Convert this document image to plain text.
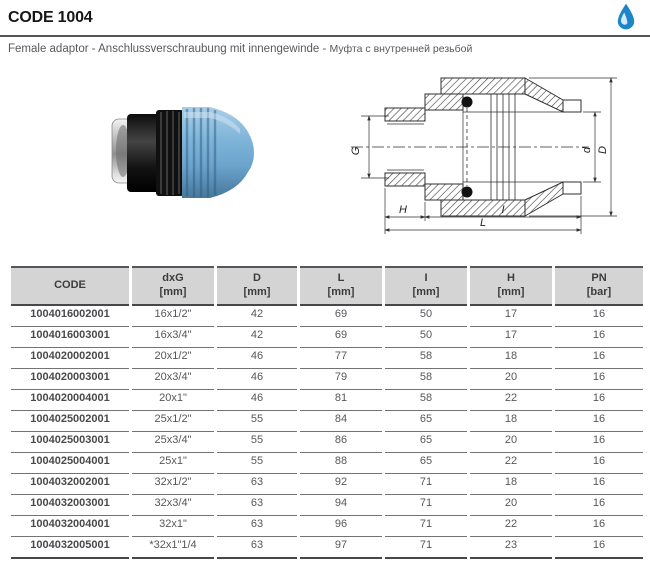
CODE 1004
Female adaptor - Anschlussverschraubung mit innengewinde - Муфта с внутренней резьбой
G	d D
H	I
L
CODE

dxG
[mm]

D
[mm]

L
[mm]

I
[mm]

H
[mm]

PN
[bar]

1004016002001	16x1/2"	42	69	50	17	16
1004016003001	16x3/4"	42	69	50	17	16
1004020002001	20x1/2"	46	77	58	18	16
1004020003001	20x3/4"	46	79	58	20	16
1004020004001	20x1"	46	81	58	22	16
1004025002001	25x1/2"	55	84	65	18	16
1004025003001	25x3/4"	55	86	65	20	16
1004025004001	25x1"	55	88	65	22	16
1004032002001	32x1/2"	63	92	71	18	16
1004032003001	32x3/4"	63	94	71	20	16
1004032004001	32x1"	63	96	71	22	16
1004032005001	*32x1"1/4	63	97	71	23	16
